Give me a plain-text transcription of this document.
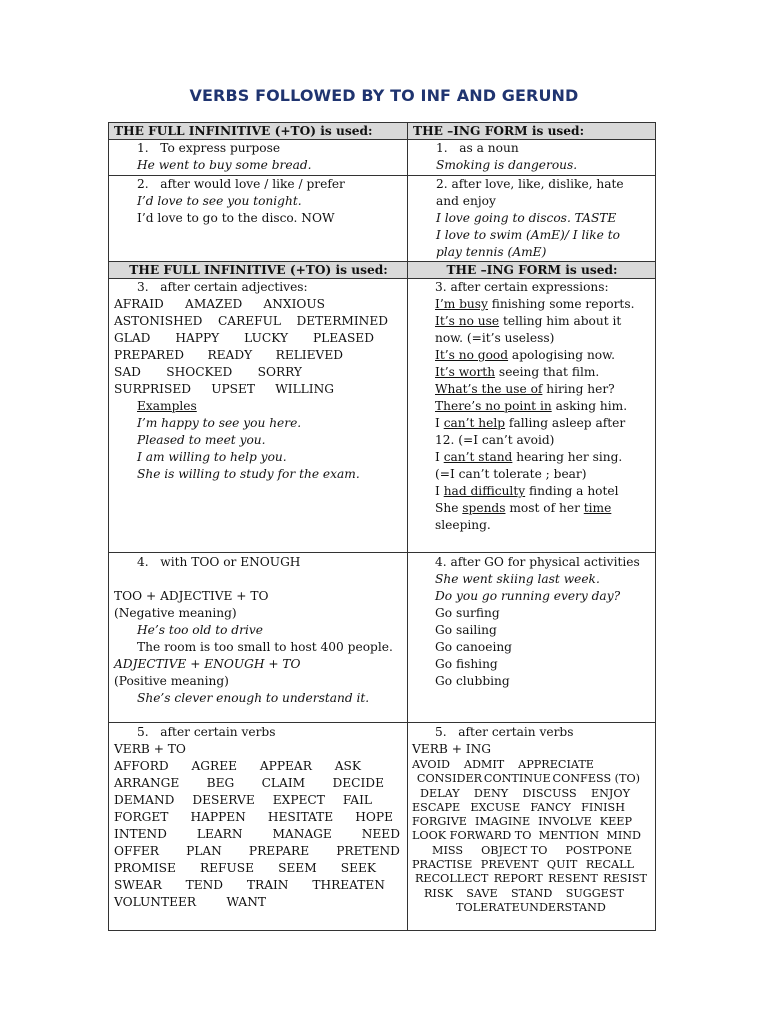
VERBS FOLLOWED BY TO INF AND GERUND
THE FULL INFINITIVE (+TO) is used:	THE –ING FORM is used:
1. To express purpose
He went to buy some bread.
1. as a noun
Smoking is dangerous.
2. after would love / like / prefer
I’d love to see you tonight.
I’d love to go to the disco. NOW
2. after love, like, dislike, hate
and enjoy
I love going to discos. TASTE
I love to swim (AmE)/ I like to
play tennis (AmE)
THE FULL INFINITIVE (+TO) is used:	THE –ING FORM is used:
3. after certain adjectives:
AFRAID AMAZED ANXIOUS
ASTONISHED CAREFUL DETERMINED
GLAD HAPPY LUCKY PLEASED
PREPARED READY RELIEVED
SAD SHOCKED SORRY
SURPRISED UPSET WILLING
Examples
I’m happy to see you here.
Pleased to meet you.
I am willing to help you.
She is willing to study for the exam.
3. after certain expressions:
I’m busy finishing some reports.
It’s no use telling him about it
now. (=it’s useless)
It’s no good apologising now.
It’s worth seeing that film.
What’s the use of hiring her?
There’s no point in asking him.
I can’t help falling asleep after
12. (=I can’t avoid)
I can’t stand hearing her sing.
(=I can’t tolerate ; bear)
I had difficulty finding a hotel
She spends most of her time
sleeping.
4. with TOO or ENOUGH
TOO + ADJECTIVE + TO
(Negative meaning)
He’s too old to drive
The room is too small to host 400 people.
ADJECTIVE + ENOUGH + TO
(Positive meaning)
She’s clever enough to understand it.
4. after GO for physical activities
She went skiing last week.
Do you go running every day?
Go surfing
Go sailing
Go canoeing
Go fishing
Go clubbing
5. after certain verbs
VERB + TO
AFFORD AGREE APPEAR ASK
ARRANGE BEG CLAIM DECIDE
DEMAND DESERVE EXPECT FAIL
FORGET HAPPEN HESITATE HOPE
INTEND LEARN MANAGE NEED
OFFER PLAN PREPARE PRETEND
PROMISE REFUSE SEEM SEEK
SWEAR TEND TRAIN THREATEN
VOLUNTEER WANT
5. after certain verbs
VERB + ING
AVOID ADMIT APPRECIATE
CONSIDER CONTINUE CONFESS (TO)
DELAY DENY DISCUSS ENJOY
ESCAPE EXCUSE FANCY FINISH
FORGIVE IMAGINE INVOLVE KEEP
LOOK FORWARD TO MENTION MIND
MISS OBJECT TO POSTPONE
PRACTISE PREVENT QUIT RECALL
RECOLLECT REPORT RESENT RESIST
RISK SAVE STAND SUGGEST
TOLERATE UNDERSTAND
